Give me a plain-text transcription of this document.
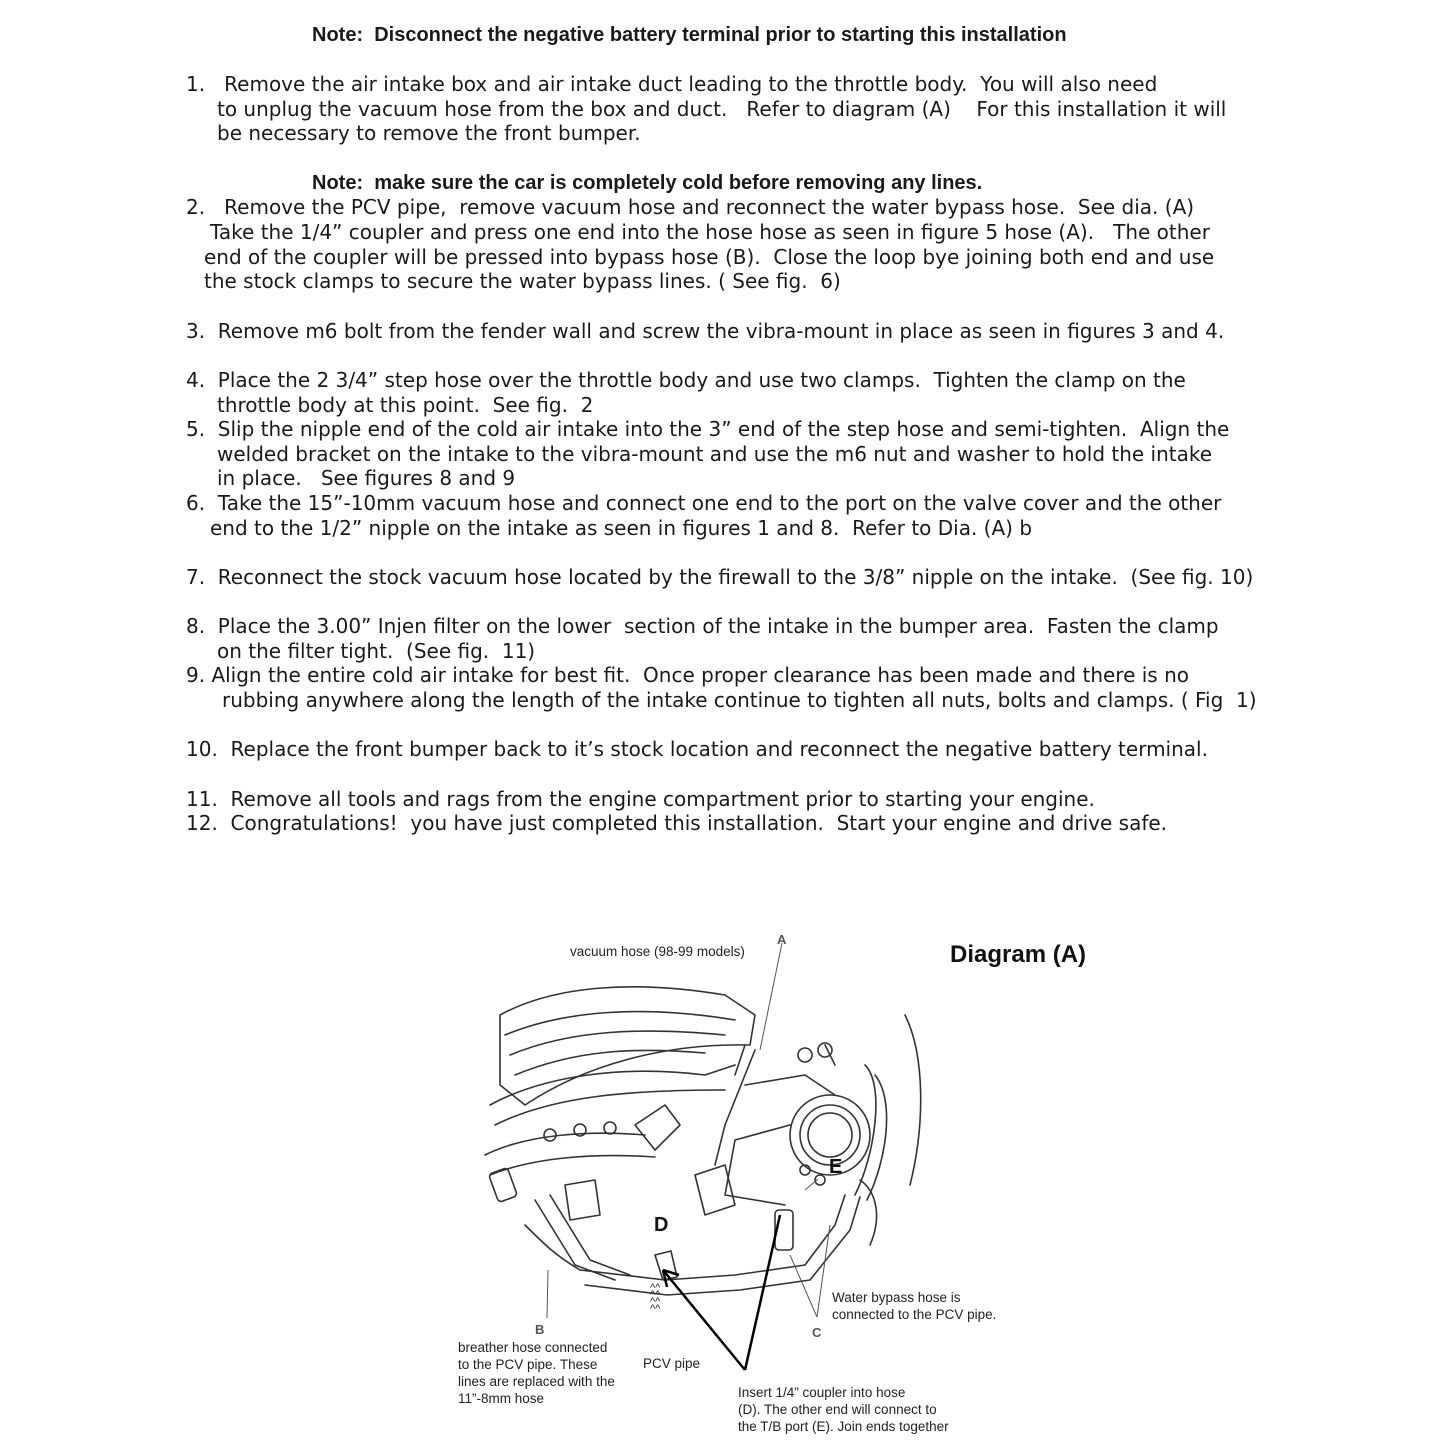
Note:  Disconnect the negative battery terminal prior to starting this installation
1.   Remove the air intake box and air intake duct leading to the throttle body.  You will also need
to unplug the vacuum hose from the box and duct.   Refer to diagram (A)    For this installation it will
be necessary to remove the front bumper.
Note:  make sure the car is completely cold before removing any lines.
2.   Remove the PCV pipe,  remove vacuum hose and reconnect the water bypass hose.  See dia. (A)
Take the 1/4” coupler and press one end into the hose hose as seen in figure 5 hose (A).   The other
end of the coupler will be pressed into bypass hose (B).  Close the loop bye joining both end and use
the stock clamps to secure the water bypass lines. ( See fig.  6)
3.  Remove m6 bolt from the fender wall and screw the vibra-mount in place as seen in figures 3 and 4.
4.  Place the 2 3/4” step hose over the throttle body and use two clamps.  Tighten the clamp on the
throttle body at this point.  See fig.  2
5.  Slip the nipple end of the cold air intake into the 3” end of the step hose and semi-tighten.  Align the
welded bracket on the intake to the vibra-mount and use the m6 nut and washer to hold the intake
in place.   See figures 8 and 9
6.  Take the 15”-10mm vacuum hose and connect one end to the port on the valve cover and the other
end to the 1/2” nipple on the intake as seen in figures 1 and 8.  Refer to Dia. (A) b
7.  Reconnect the stock vacuum hose located by the firewall to the 3/8” nipple on the intake.  (See fig. 10)
8.  Place the 3.00” Injen filter on the lower  section of the intake in the bumper area.  Fasten the clamp
on the filter tight.  (See fig.  11)
9. Align the entire cold air intake for best fit.  Once proper clearance has been made and there is no
rubbing anywhere along the length of the intake continue to tighten all nuts, bolts and clamps. ( Fig  1)
10.  Replace the front bumper back to it’s stock location and reconnect the negative battery terminal.
11.  Remove all tools and rags from the engine compartment prior to starting your engine.
12.  Congratulations!  you have just completed this installation.  Start your engine and drive safe.
Diagram (A)
vacuum hose (98-99 models)
A
E
D
B	C
Water bypass hose is
connected to the PCV pipe.
breather hose connected
to the PCV pipe. These
lines are replaced with the
11”-8mm hose
^^^^^^^^
PCV pipe
Insert 1/4” coupler into hose
(D). The other end will connect to
the T/B port (E). Join ends together
